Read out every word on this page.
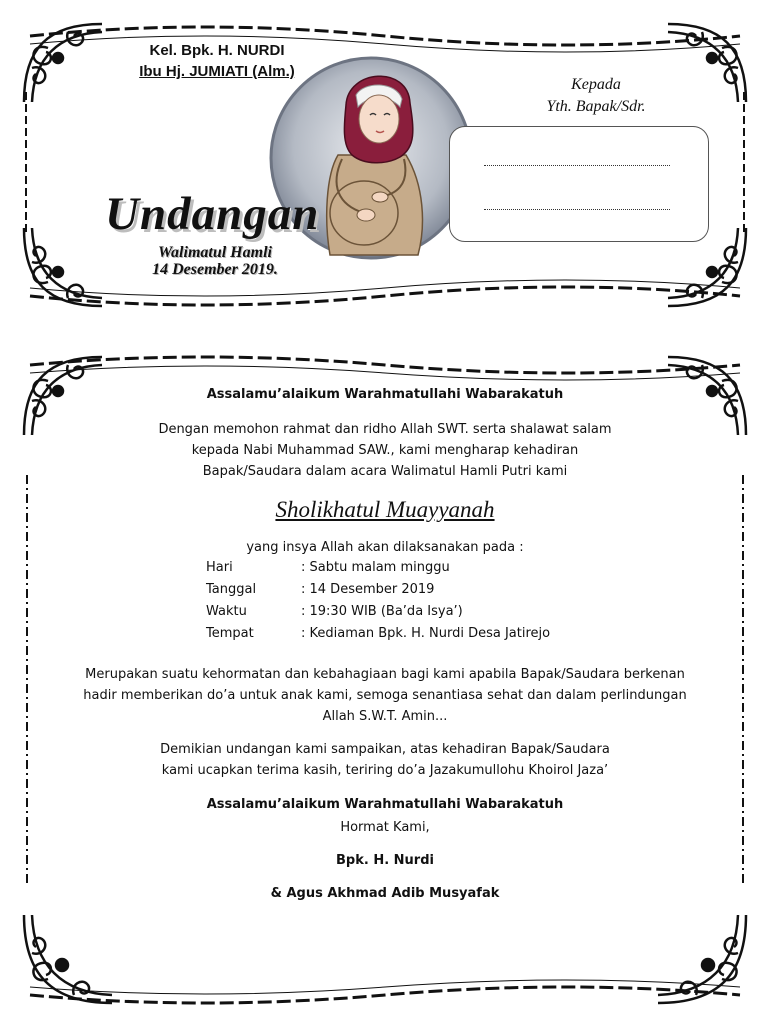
Kel. Bpk. H. NURDI
Ibu Hj. JUMIATI (Alm.)
Undangan
Walimatul Hamli
14 Desember 2019.
Kepada
Yth. Bapak/Sdr.
Assalamu’alaikum Warahmatullahi Wabarakatuh
Dengan memohon rahmat dan ridho Allah SWT. serta shalawat salam
kepada Nabi Muhammad SAW., kami mengharap kehadiran
Bapak/Saudara dalam acara Walimatul Hamli Putri kami
Sholikhatul Muayyanah
yang insya Allah akan dilaksanakan pada :
Hari	: Sabtu malam minggu
Tanggal	: 14 Desember 2019
Waktu	: 19:30 WIB (Ba’da Isya’)
Tempat	: Kediaman Bpk. H. Nurdi Desa Jatirejo
Merupakan suatu kehormatan dan kebahagiaan bagi kami apabila Bapak/Saudara berkenan
hadir memberikan do’a untuk anak kami, semoga senantiasa sehat dan dalam perlindungan
Allah S.W.T. Amin...
Demikian undangan kami sampaikan, atas kehadiran Bapak/Saudara
kami ucapkan terima kasih, teriring do’a Jazakumullohu Khoirol Jaza’
Assalamu’alaikum Warahmatullahi Wabarakatuh
Hormat Kami,
Bpk. H. Nurdi
& Agus Akhmad Adib Musyafak
